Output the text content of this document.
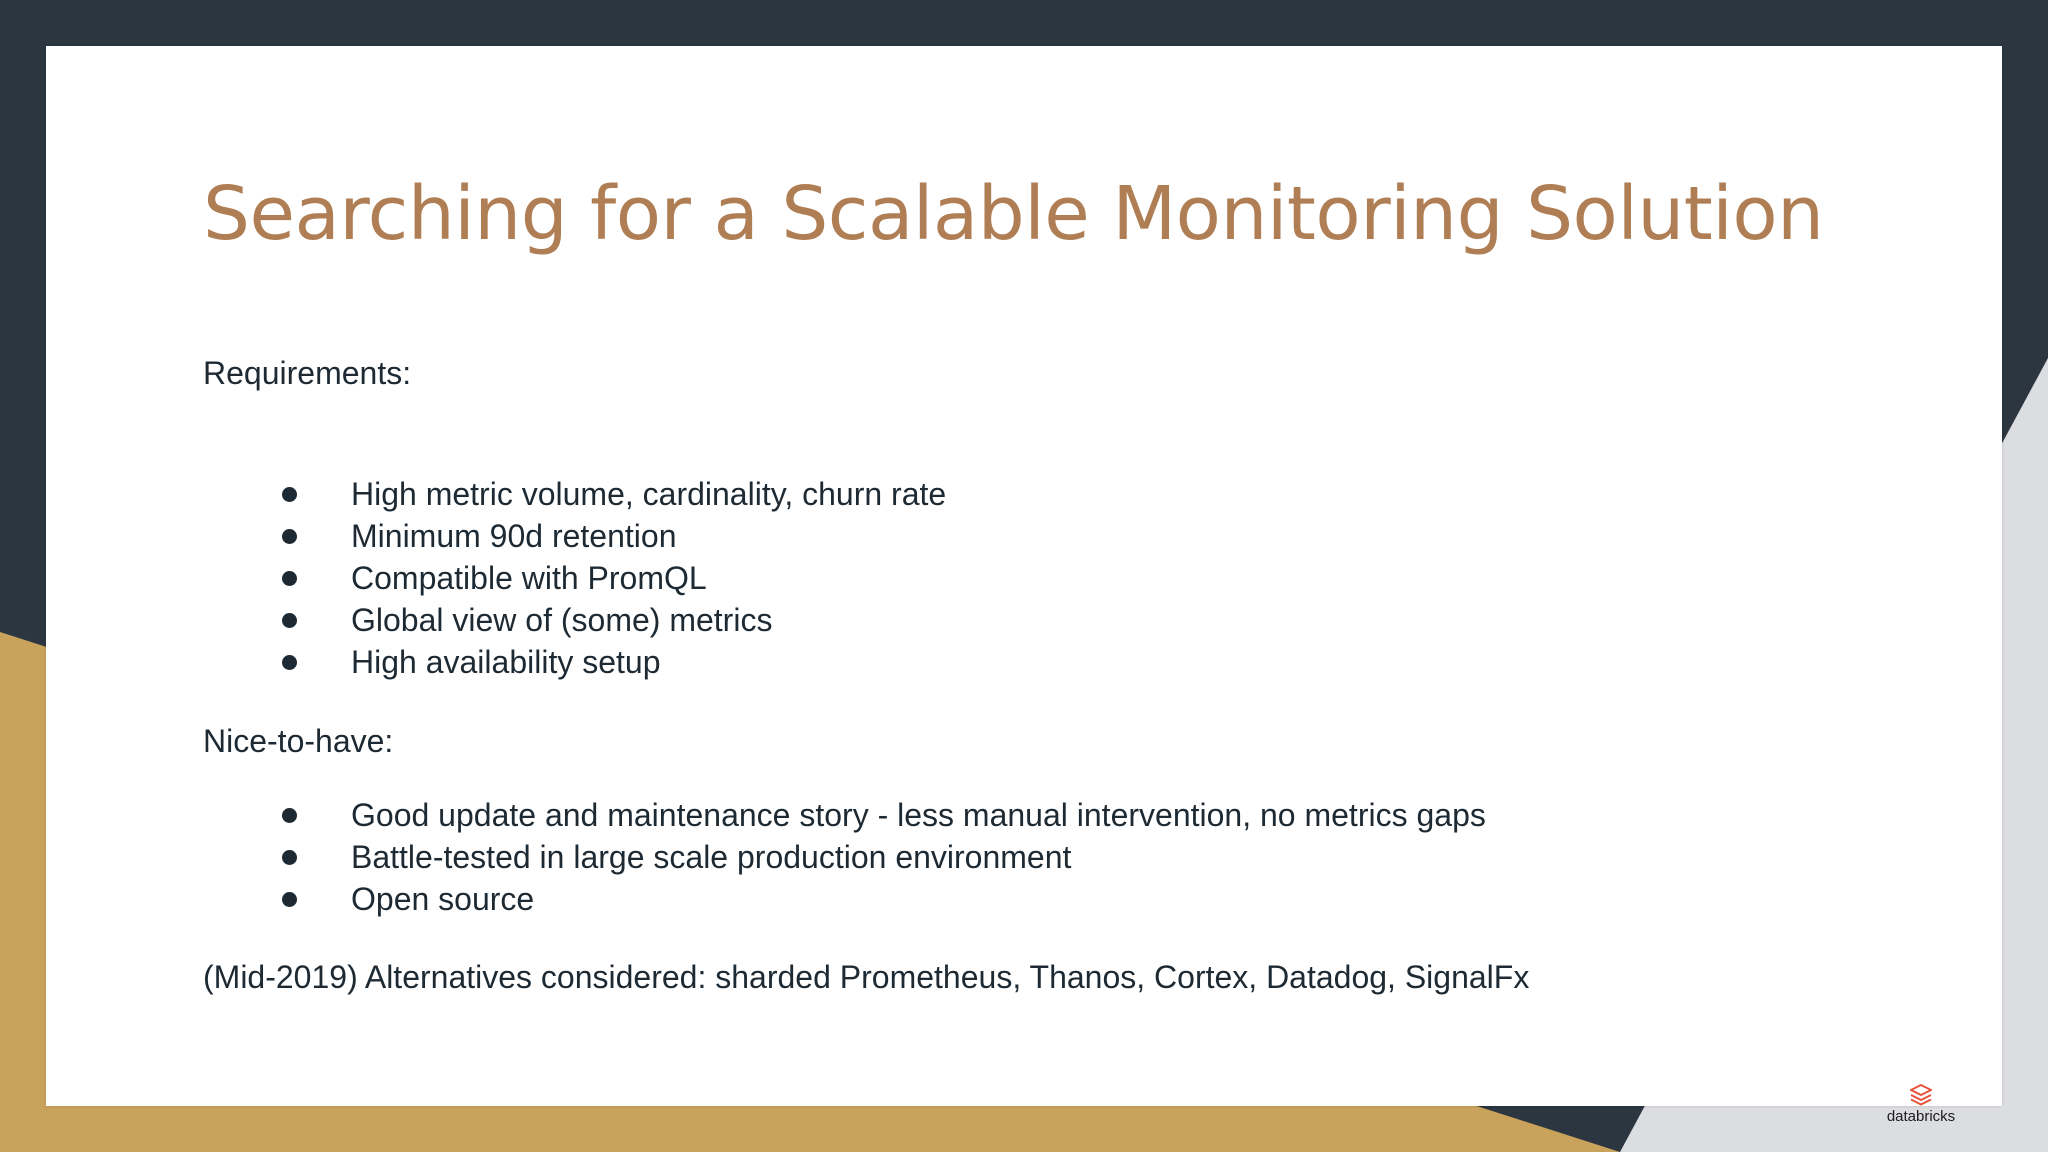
Searching for a Scalable Monitoring Solution

Requirements:

High metric volume, cardinality, churn rate
Minimum 90d retention
Compatible with PromQL
Global view of (some) metrics
High availability setup

Nice-to-have:

Good update and maintenance story - less manual intervention, no metrics gaps
Battle-tested in large scale production environment
Open source

(Mid-2019) Alternatives considered: sharded Prometheus, Thanos, Cortex, Datadog, SignalFx

databricks
